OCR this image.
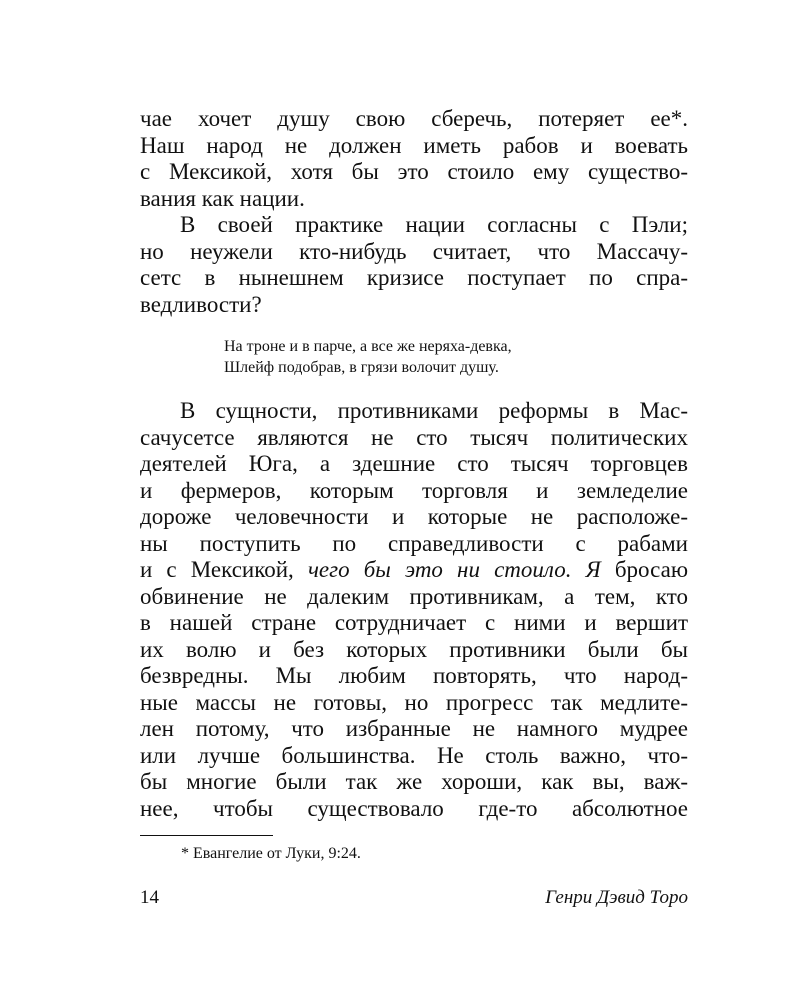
чае хочет душу свою сберечь, потеряет ее*.
Наш народ не должен иметь рабов и воевать
с Мексикой, хотя бы это стоило ему существо-
вания как нации.
В своей практике нации согласны с Пэли;
но неужели кто-нибудь считает, что Массачу-
сетс в нынешнем кризисе поступает по спра-
ведливости?
На троне и в парче, а все же неряха-девка,
Шлейф подобрав, в грязи волочит душу.
В сущности, противниками реформы в Мас-
сачусетсе являются не сто тысяч политических
деятелей Юга, а здешние сто тысяч торговцев
и фермеров, которым торговля и земледелие
дороже человечности и которые не расположе-
ны поступить по справедливости с рабами
и с Мексикой, чего бы это ни стоило. Я бросаю
обвинение не далеким противникам, а тем, кто
в нашей стране сотрудничает с ними и вершит
их волю и без которых противники были бы
безвредны. Мы любим повторять, что народ-
ные массы не готовы, но прогресс так медлите-
лен потому, что избранные не намного мудрее
или лучше большинства. Не столь важно, что-
бы многие были так же хороши, как вы, важ-
нее, чтобы существовало где-то абсолютное
* Евангелие от Луки, 9:24.
14	Генри Дэвид Торо
